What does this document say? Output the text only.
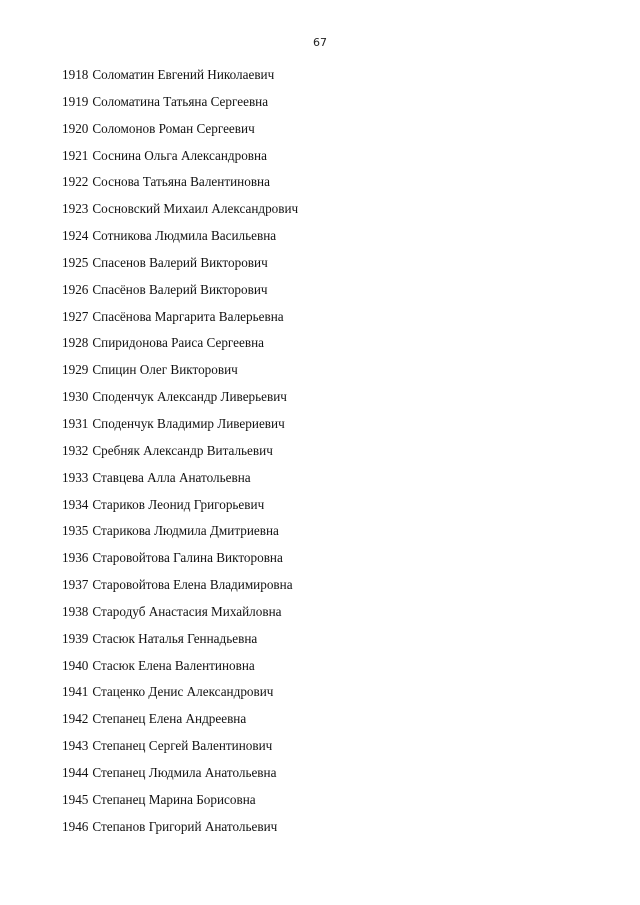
67
1918 Соломатин Евгений Николаевич
1919 Соломатина Татьяна Сергеевна
1920 Соломонов Роман Сергеевич
1921 Соснина Ольга Александровна
1922 Соснова Татьяна Валентиновна
1923 Сосновский Михаил Александрович
1924 Сотникова Людмила Васильевна
1925 Спасенов Валерий Викторович
1926 Спасёнов Валерий Викторович
1927 Спасёнова Маргарита Валерьевна
1928 Спиридонова Раиса Сергеевна
1929 Спицин Олег Викторович
1930 Споденчук Александр Ливерьевич
1931 Споденчук Владимир Ливериевич
1932 Сребняк Александр Витальевич
1933 Ставцева Алла Анатольевна
1934 Стариков Леонид Григорьевич
1935 Старикова Людмила Дмитриевна
1936 Старовойтова Галина Викторовна
1937 Старовойтова Елена Владимировна
1938 Стародуб Анастасия Михайловна
1939 Стасюк Наталья Геннадьевна
1940 Стасюк Елена Валентиновна
1941 Стаценко Денис Александрович
1942 Степанец Елена Андреевна
1943 Степанец Сергей Валентинович
1944 Степанец Людмила Анатольевна
1945 Степанец Марина Борисовна
1946 Степанов Григорий Анатольевич
